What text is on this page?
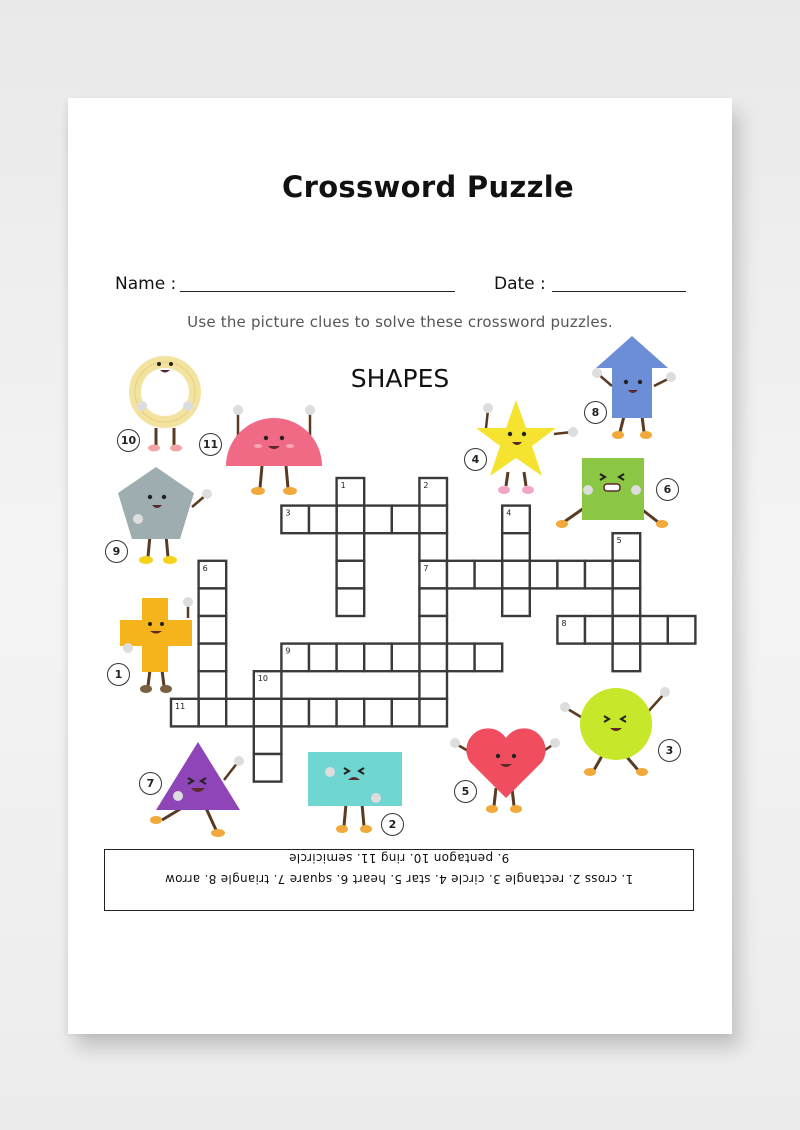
Crossword Puzzle
Name :	Date :
Use the picture clues to solve these crossword puzzles.
SHAPES
1	2
3	4
5
6	7
8
9
10
11
10	11
9
1
7
2
5
3
4
8
6
1. cross 2. rectangle 3. circle 4. star 5. heart 6. square 7. triangle 8. arrow
9. pentagon 10. ring 11. semicircle
